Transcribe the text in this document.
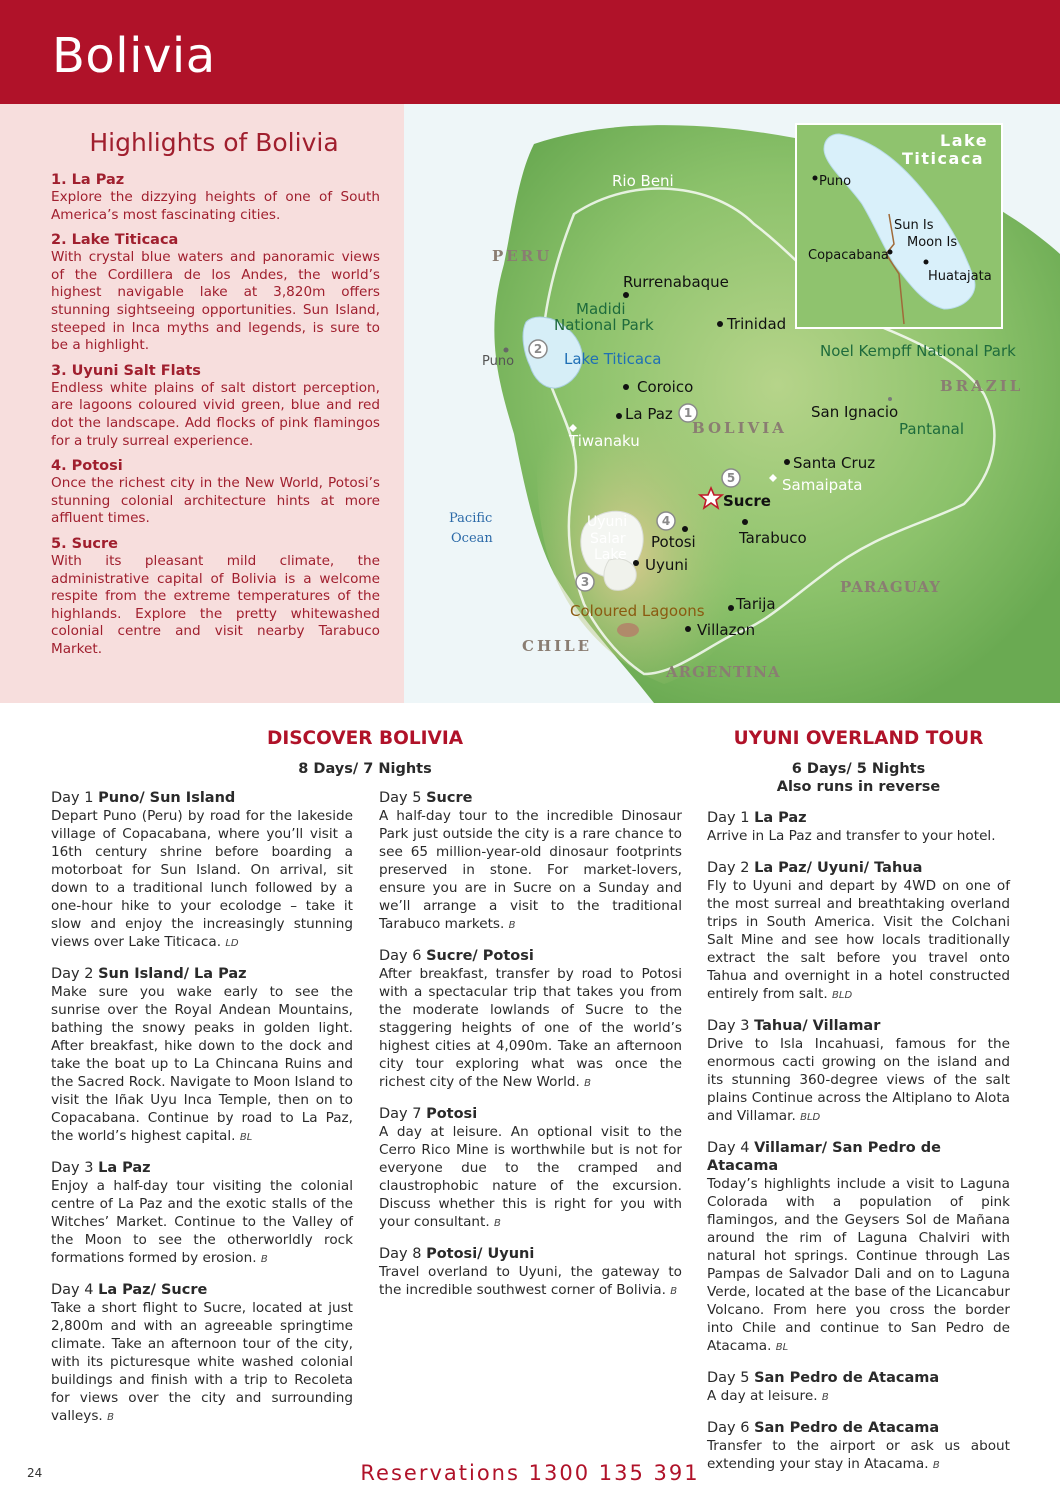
Bolivia
Highlights of Bolivia
1. La Paz

Explore the dizzying heights of one of South America’s most fascinating cities.

2. Lake Titicaca

With crystal blue waters and panoramic views of the Cordillera de los Andes, the world’s highest navigable lake at 3,820m offers stunning sightseeing opportunities. Sun Island, steeped in Inca myths and legends, is sure to be a highlight.

3. Uyuni Salt Flats

Endless white plains of salt distort perception, are lagoons coloured vivid green, blue and red dot the landscape. Add flocks of pink flamingos for a truly surreal experience.

4. Potosi

Once the richest city in the New World, Potosi’s stunning colonial architecture hints at more affluent times.

5. Sucre

With its pleasant mild climate, the administrative capital of Bolivia is a welcome respite from the extreme temperatures of the highlands. Explore the pretty whitewashed colonial centre and visit nearby Tarabuco Market.

PERU
BRAZIL
BOLIVIA
PARAGUAY
CHILE
ARGENTINA
Pacific
Ocean
Rio Beni
Madidi
National Park
Noel Kempff National Park
Pantanal
Lake Titicaca
Uyuni
Salar
Lake
Coloured Lagoons
Rurrenabaque
Trinidad
Coroico
La Paz	San Ignacio
Santa Cruz
Potosi	Tarabuco
Uyuni
Tarija
Villazon
Puno
Tiwanaku
Samaipata
Sucre
1
2
3
4
5
Lake
Titicaca
Puno
Sun Is
Moon Is
Copacabana
Huatajata
DISCOVER BOLIVIA
8 Days/ 7 Nights
Day 1 Puno/ Sun Island

Depart Puno (Peru) by road for the lakeside village of Copacabana, where you’ll visit a 16th century shrine before boarding a motorboat for Sun Island. On arrival, sit down to a traditional lunch followed by a one-hour hike to your ecolodge – take it slow and enjoy the increasingly stunning views over Lake Titicaca. LD

Day 2 Sun Island/ La Paz

Make sure you wake early to see the sunrise over the Royal Andean Mountains, bathing the snowy peaks in golden light. After breakfast, hike down to the dock and take the boat up to La Chincana Ruins and the Sacred Rock. Navigate to Moon Island to visit the Iñak Uyu Inca Temple, then on to Copacabana. Continue by road to La Paz, the world’s highest capital. BL

Day 3 La Paz

Enjoy a half-day tour visiting the colonial centre of La Paz and the exotic stalls of the Witches’ Market. Continue to the Valley of the Moon to see the otherworldly rock formations formed by erosion. B

Day 4 La Paz/ Sucre

Take a short flight to Sucre, located at just 2,800m and with an agreeable springtime climate. Take an afternoon tour of the city, with its picturesque white washed colonial buildings and finish with a trip to Recoleta for views over the city and surrounding valleys. B

Day 5 Sucre

A half-day tour to the incredible Dinosaur Park just outside the city is a rare chance to see 65 million-year-old dinosaur footprints preserved in stone. For market-lovers, ensure you are in Sucre on a Sunday and we’ll arrange a visit to the traditional Tarabuco markets. B

Day 6 Sucre/ Potosi

After breakfast, transfer by road to Potosi with a spectacular trip that takes you from the moderate lowlands of Sucre to the staggering heights of one of the world’s highest cities at 4,090m. Take an afternoon city tour exploring what was once the richest city of the New World. B

Day 7 Potosi

A day at leisure. An optional visit to the Cerro Rico Mine is worthwhile but is not for everyone due to the cramped and claustrophobic nature of the excursion. Discuss whether this is right for you with your consultant. B

Day 8 Potosi/ Uyuni

Travel overland to Uyuni, the gateway to the incredible southwest corner of Bolivia. B

UYUNI OVERLAND TOUR
6 Days/ 5 Nights
Also runs in reverse
Day 1 La Paz

Arrive in La Paz and transfer to your hotel.

Day 2 La Paz/ Uyuni/ Tahua

Fly to Uyuni and depart by 4WD on one of the most surreal and breathtaking overland trips in South America. Visit the Colchani Salt Mine and see how locals traditionally extract the salt before you travel onto Tahua and overnight in a hotel constructed entirely from salt. BLD

Day 3 Tahua/ Villamar

Drive to Isla Incahuasi, famous for the enormous cacti growing on the island and its stunning 360-degree views of the salt plains Continue across the Altiplano to Alota and Villamar. BLD

Day 4 Villamar/ San Pedro de Atacama

Today’s highlights include a visit to Laguna Colorada with a population of pink flamingos, and the Geysers Sol de Mañana around the rim of Laguna Chalviri with natural hot springs. Continue through Las Pampas de Salvador Dali and on to Laguna Verde, located at the base of the Licancabur Volcano. From here you cross the border into Chile and continue to San Pedro de Atacama. BL

Day 5 San Pedro de Atacama

A day at leisure. B

Day 6 San Pedro de Atacama

Transfer to the airport or ask us about extending your stay in Atacama. B

24	Reservations 1300 135 391
